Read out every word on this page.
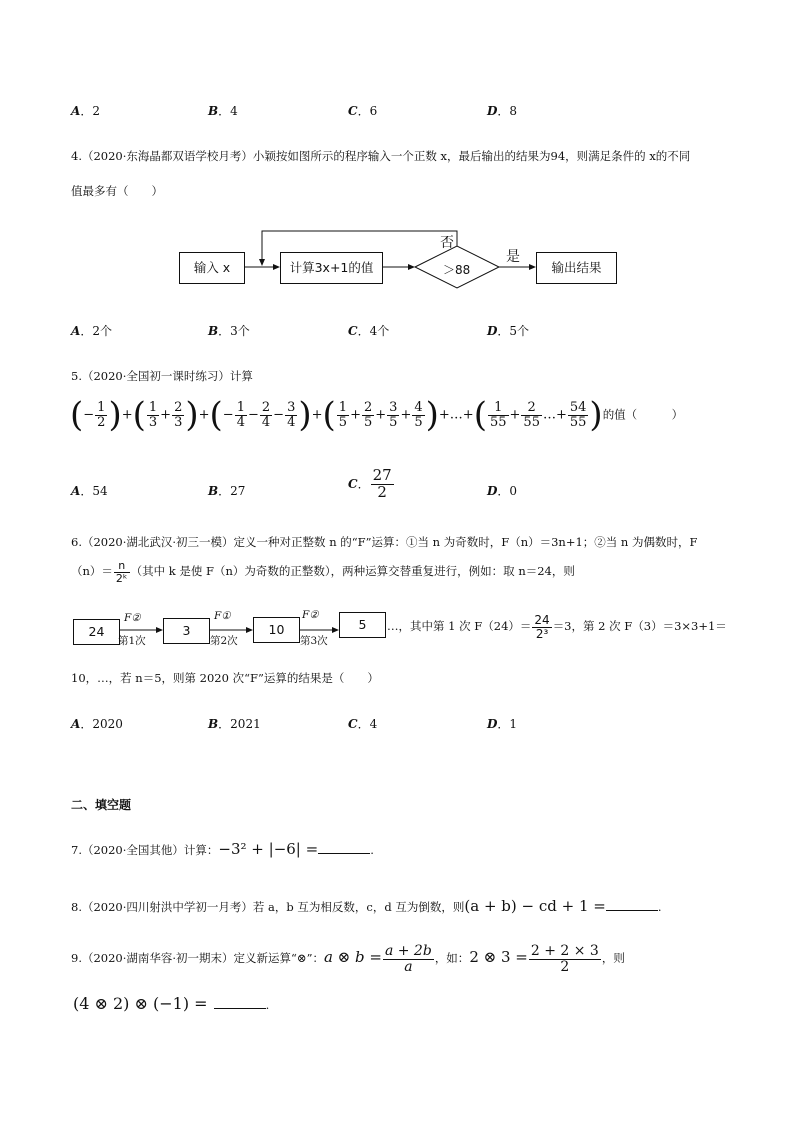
A．2	B．4	C．6	D．8
4.（2020·东海晶都双语学校月考）小颖按如图所示的程序输入一个正数 x，最后输出的结果为94，则满足条件的 x的不同
值最多有（　　）
输入 x	计算3x+1的值	＞88
否
是
输出结果
A．2个	B．3个	C．4个	D．5个
5.（2020·全国初一课时练习）计算
(− $\frac{1}{2}$ )+( $\frac{1}{3} + \frac{2}{3}$ )+(− $\frac{1}{4} - \frac{2}{4} - \frac{3}{4}$ )+( $\frac{1}{5} + \frac{2}{5} + \frac{3}{5} + \frac{4}{5}$ )+…+( $\frac{1}{55} + \frac{2}{55}$ …+ $\frac{54}{55}$ )的值（　　　）
A．54	B．27
C． $\frac{27}{2}$	D．0
6.（2020·湖北武汉·初三一模）定义一种对正整数 n 的“F”运算：①当 n 为奇数时，F（n）＝3n+1；②当 n 为偶数时，F
$(n)= \frac{n}{\text{2ᵏ}}$ （其中 k 是使 F（n）为奇数的正整数），两种运算交替重复进行，例如：取 n＝24，则
24	3	10	5
F②
第1次
F①
第2次
F②
第3次
…，其中第 1 次 $F(24)= \frac{24}{\text{2³}} =3$，第 2 次 F（3）＝3×3+1＝
10，…，若 n＝5，则第 2020 次“F”运算的结果是（　　）
A．2020	B．2021	C．4	D．1
二、填空题
7.（2020·全国其他）计算：−3² + |−6| =	.
8.（2020·四川射洪中学初一月考）若 a，b 互为相反数，c，d 互为倒数，则(a + b) − cd + 1 =	.
9.（2020·湖南华容·初一期末）定义新运算“⊗”：a ⊗ $b = \frac{a + 2b}{a}$ ，如：2 ⊗ $3 = \frac{2 + 2 \times 3}{2}$ ，则
(4 ⊗ 2) ⊗ (−1) =	.
